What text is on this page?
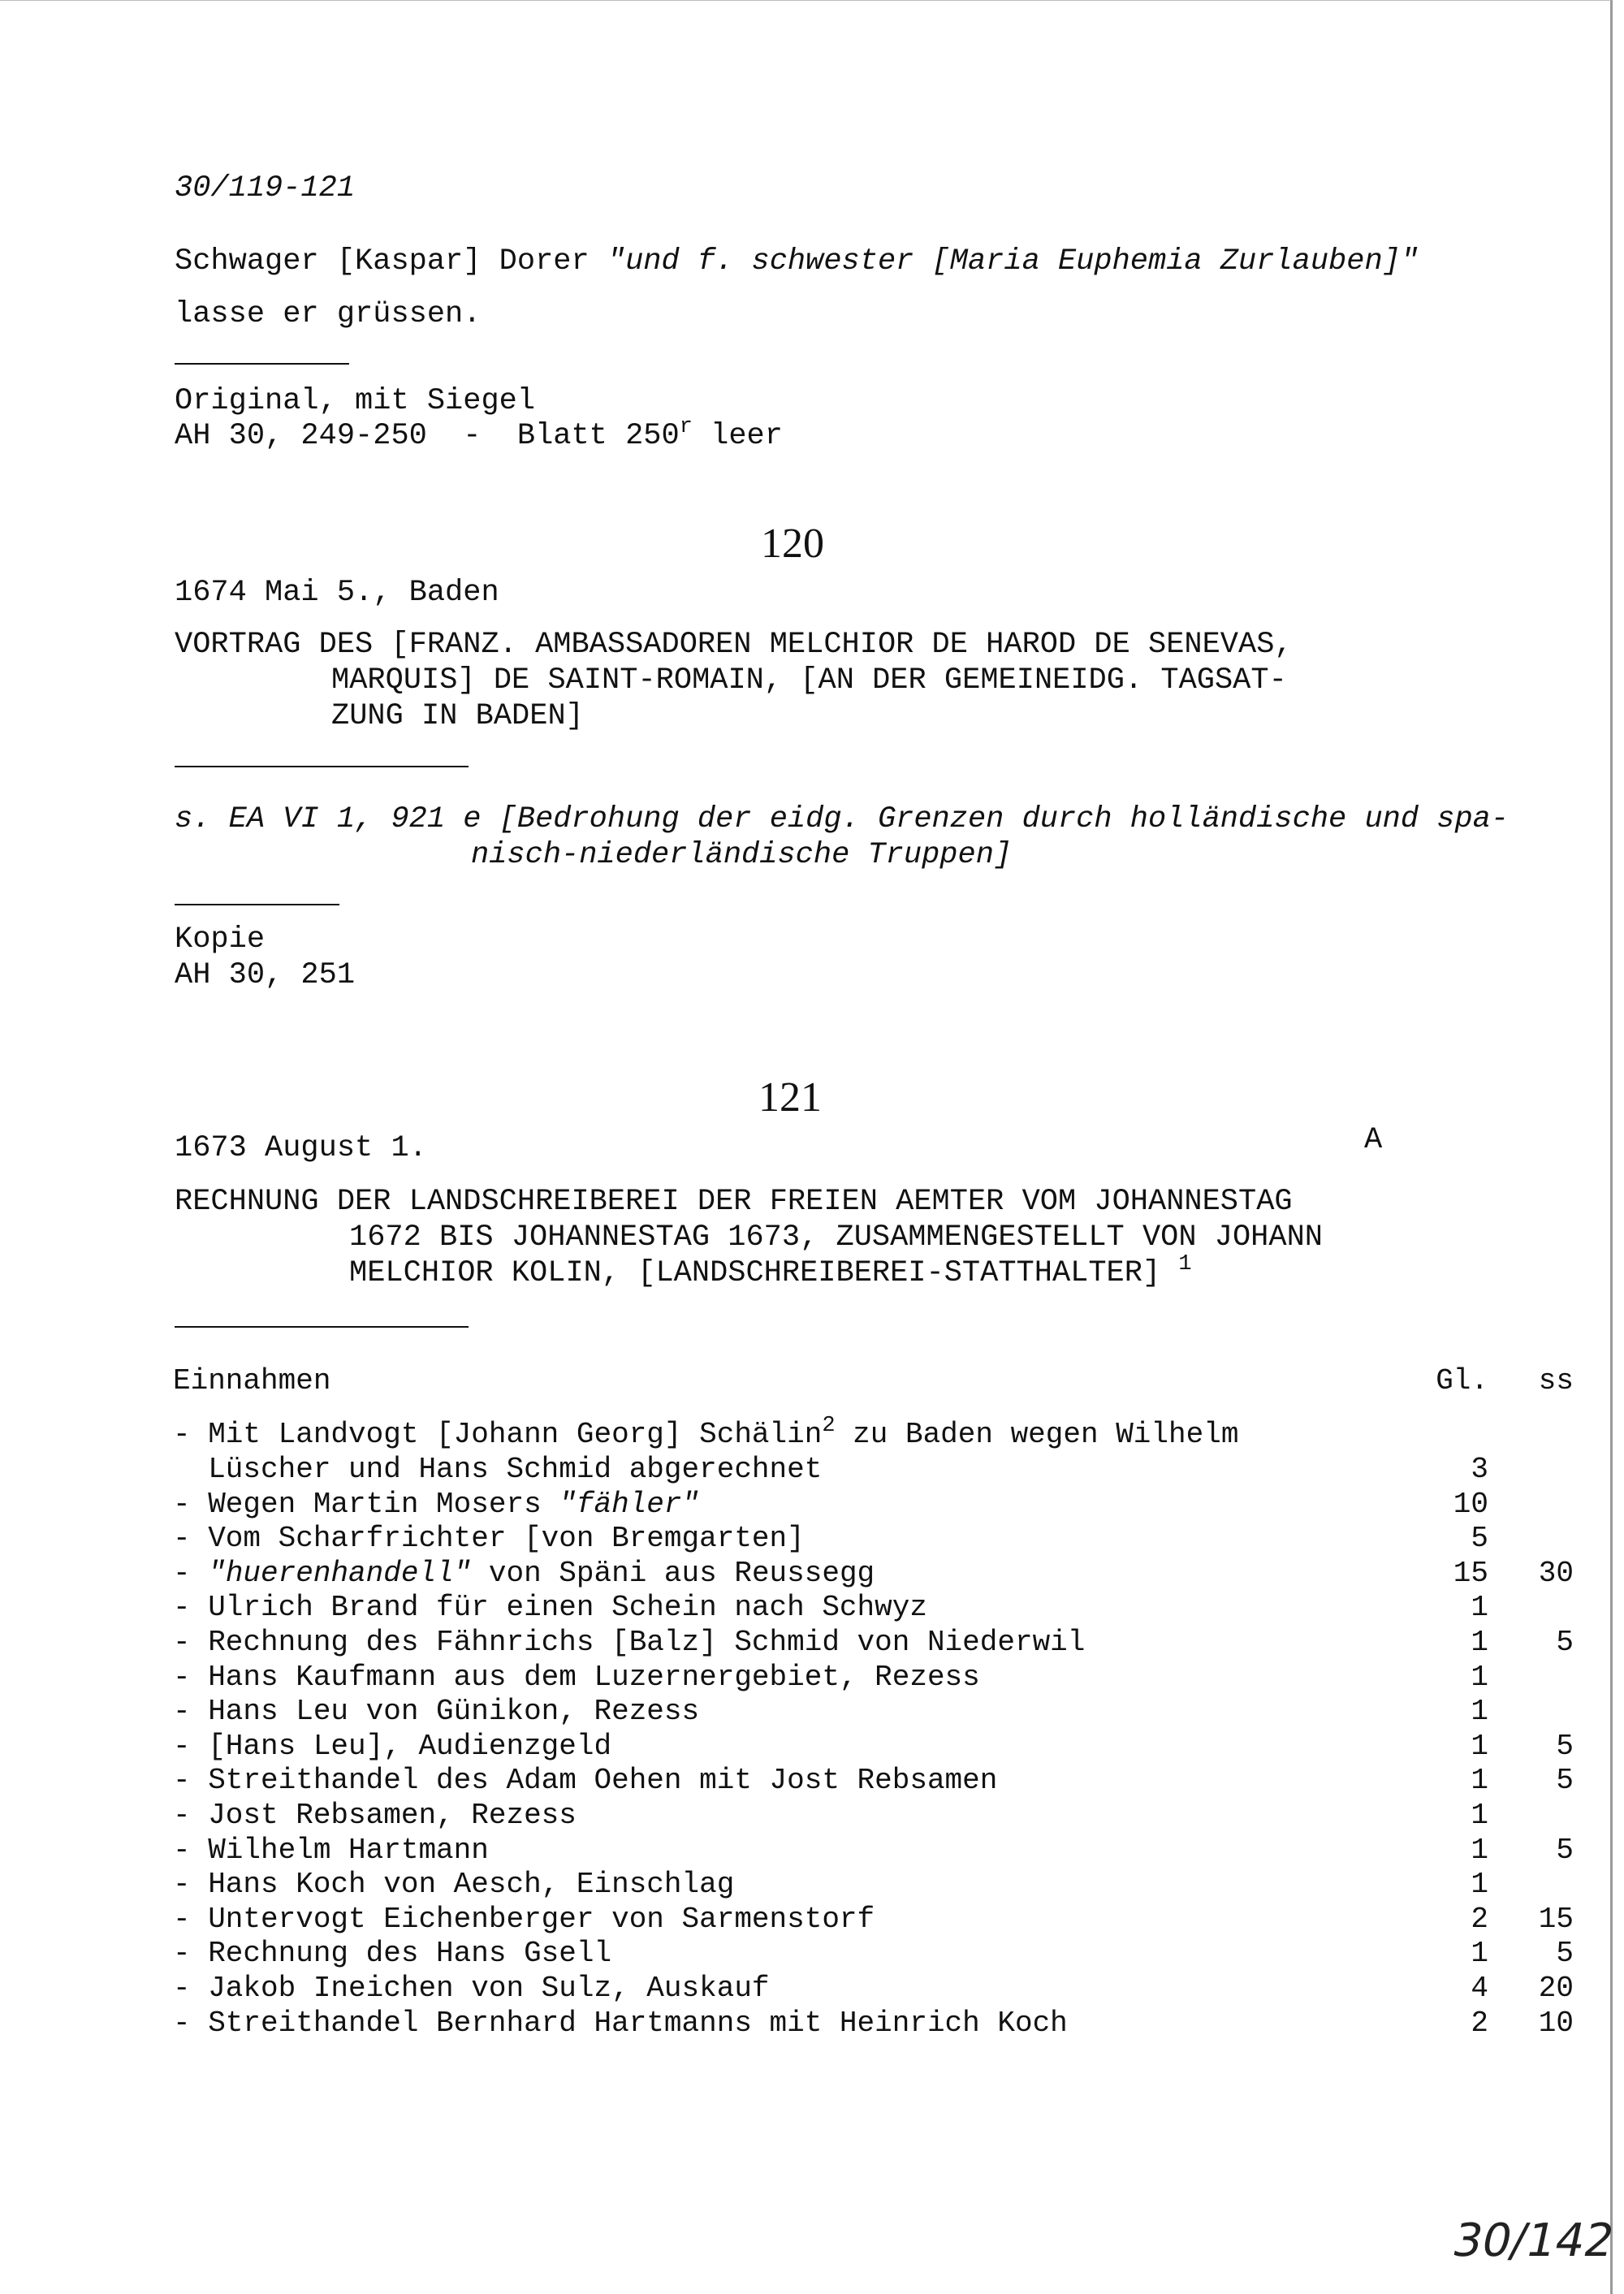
30/119-121
Schwager [Kaspar] Dorer "und f. schwester [Maria Euphemia Zurlauben]"
lasse er grüssen.
Original, mit Siegel
AH 30, 249-250  -  Blatt 250$^r$ leer
120
1674 Mai 5., Baden
VORTRAG DES [FRANZ. AMBASSADOREN MELCHIOR DE HAROD DE SENEVAS,
MARQUIS] DE SAINT-ROMAIN, [AN DER GEMEINEIDG. TAGSAT-
ZUNG IN BADEN]
s. EA VI 1, 921 e [Bedrohung der eidg. Grenzen durch holländische und spa-
nisch-niederländische Truppen]
Kopie
AH 30, 251
121
1673 August 1.	A
RECHNUNG DER LANDSCHREIBEREI DER FREIEN AEMTER VOM JOHANNESTAG
1672 BIS JOHANNESTAG 1673, ZUSAMMENGESTELLT VON JOHANN
MELCHIOR KOLIN, [LANDSCHREIBEREI-STATTHALTER] $^1$
Einnahmen	Gl.	ss
- Mit Landvogt [Johann Georg] Schälin$^2$ zu Baden wegen Wilhelm
Lüscher und Hans Schmid abgerechnet	3
- Wegen Martin Mosers "fähler"	10
- Vom Scharfrichter [von Bremgarten]	5
- "huerenhandell" von Späni aus Reussegg	15	30
- Ulrich Brand für einen Schein nach Schwyz	1
- Rechnung des Fähnrichs [Balz] Schmid von Niederwil	1	5
- Hans Kaufmann aus dem Luzernergebiet, Rezess	1
- Hans Leu von Günikon, Rezess	1
- [Hans Leu], Audienzgeld	1	5
- Streithandel des Adam Oehen mit Jost Rebsamen	1	5
- Jost Rebsamen, Rezess	1
- Wilhelm Hartmann	1	5
- Hans Koch von Aesch, Einschlag	1
- Untervogt Eichenberger von Sarmenstorf	2	15
- Rechnung des Hans Gsell	1	5
- Jakob Ineichen von Sulz, Auskauf	4	20
- Streithandel Bernhard Hartmanns mit Heinrich Koch	2	10
30/142
